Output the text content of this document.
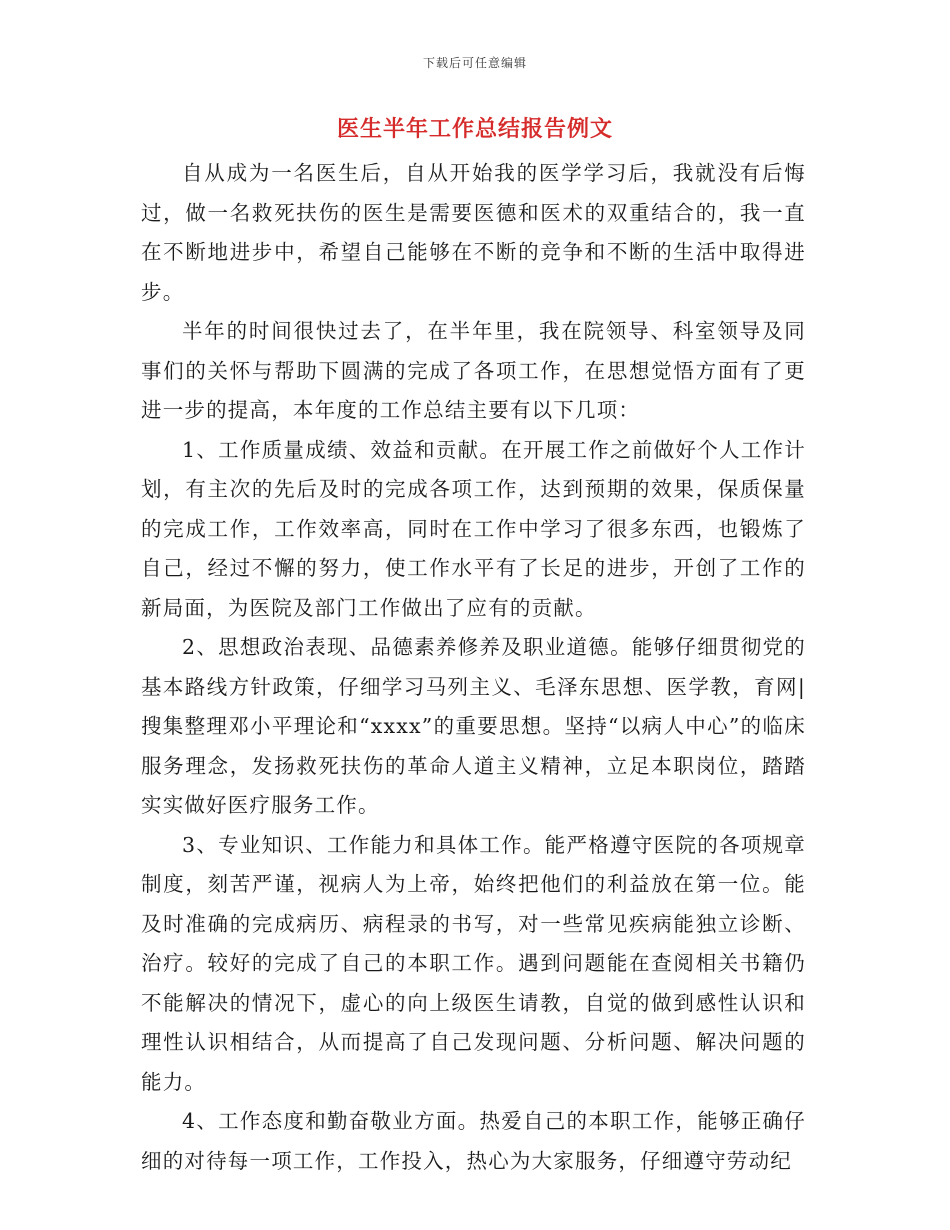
下载后可任意编辑
医生半年工作总结报告例文

自从成为一名医生后，自从开始我的医学学习后，我就没有后悔过，做一名救死扶伤的医生是需要医德和医术的双重结合的，我一直在不断地进步中，希望自己能够在不断的竞争和不断的生活中取得进步。

半年的时间很快过去了，在半年里，我在院领导、科室领导及同事们的关怀与帮助下圆满的完成了各项工作，在思想觉悟方面有了更进一步的提高，本年度的工作总结主要有以下几项：

1、工作质量成绩、效益和贡献。在开展工作之前做好个人工作计划，有主次的先后及时的完成各项工作，达到预期的效果，保质保量的完成工作，工作效率高，同时在工作中学习了很多东西，也锻炼了自己，经过不懈的努力，使工作水平有了长足的进步，开创了工作的新局面，为医院及部门工作做出了应有的贡献。

2、思想政治表现、品德素养修养及职业道德。能够仔细贯彻党的基本路线方针政策，仔细学习马列主义、毛泽东思想、医学教，育网|搜集整理邓小平理论和“xxxx”的重要思想。坚持“以病人中心”的临床服务理念，发扬救死扶伤的革命人道主义精神，立足本职岗位，踏踏实实做好医疗服务工作。

3、专业知识、工作能力和具体工作。能严格遵守医院的各项规章制度，刻苦严谨，视病人为上帝，始终把他们的利益放在第一位。能及时准确的完成病历、病程录的书写，对一些常见疾病能独立诊断、治疗。较好的完成了自己的本职工作。遇到问题能在查阅相关书籍仍不能解决的情况下，虚心的向上级医生请教，自觉的做到感性认识和理性认识相结合，从而提高了自己发现问题、分析问题、解决问题的能力。

4、工作态度和勤奋敬业方面。热爱自己的本职工作，能够正确仔细的对待每一项工作，工作投入，热心为大家服务，仔细遵守劳动纪
